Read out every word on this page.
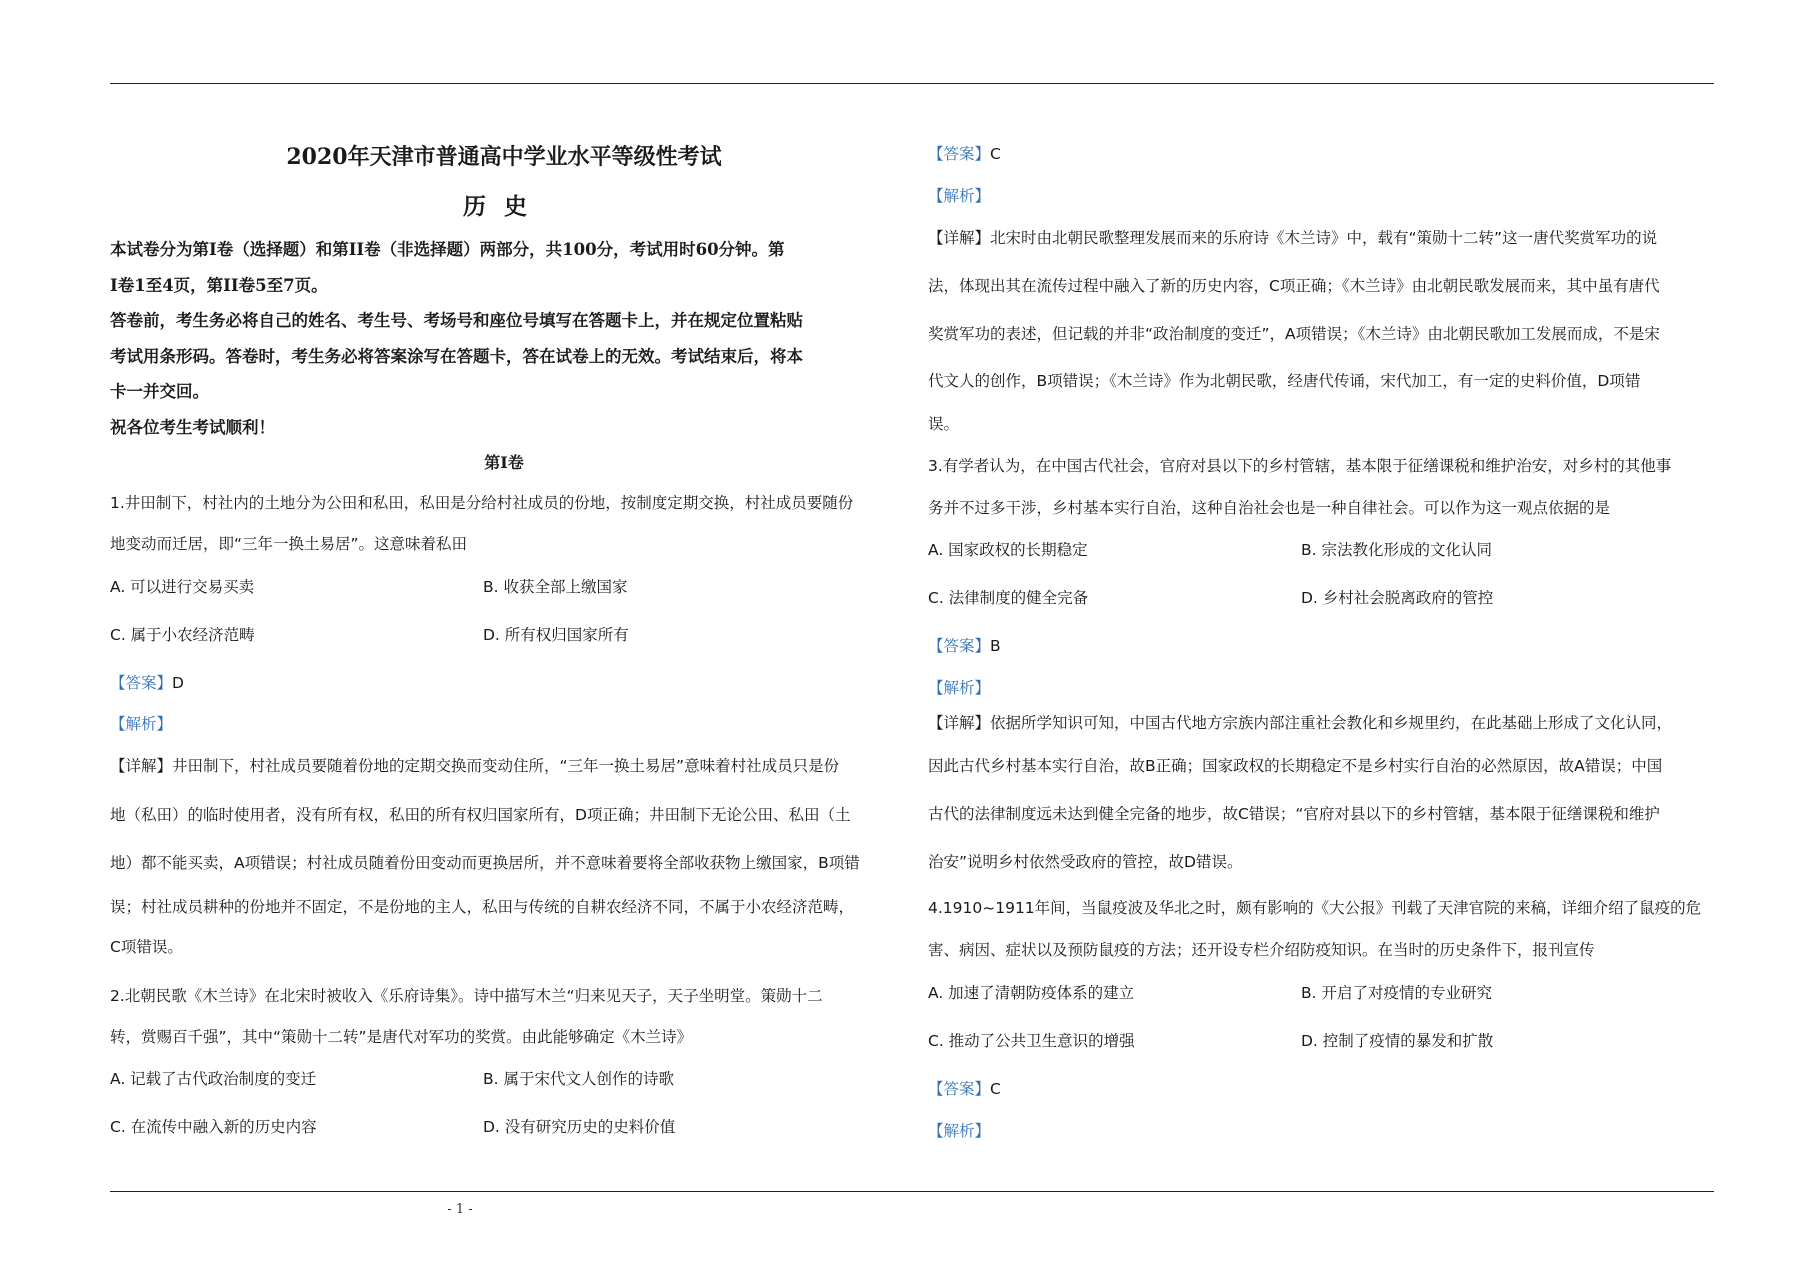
2020年天津市普通高中学业水平等级性考试
历史
本试卷分为第Ⅰ卷（选择题）和第II卷（非选择题）两部分，共100分，考试用时60分钟。第
Ⅰ卷1至4页，第II卷5至7页。
答卷前，考生务必将自己的姓名、考生号、考场号和座位号填写在答题卡上，并在规定位置粘贴
考试用条形码。答卷时，考生务必将答案涂写在答题卡，答在试卷上的无效。考试结束后，将本
卡一并交回。
祝各位考生考试顺利！
第Ⅰ卷
1.井田制下，村社内的土地分为公田和私田，私田是分给村社成员的份地，按制度定期交换，村社成员要随份
地变动而迁居，即“三年一换土易居”。这意味着私田
A. 可以进行交易买卖	B. 收获全部上缴国家
C. 属于小农经济范畴	D. 所有权归国家所有
【答案】D
【解析】
【详解】井田制下，村社成员要随着份地的定期交换而变动住所，“三年一换土易居”意味着村社成员只是份
地（私田）的临时使用者，没有所有权，私田的所有权归国家所有，D项正确；井田制下无论公田、私田（土
地）都不能买卖，A项错误；村社成员随着份田变动而更换居所，并不意味着要将全部收获物上缴国家，B项错
误；村社成员耕种的份地并不固定，不是份地的主人，私田与传统的自耕农经济不同，不属于小农经济范畴，
C项错误。
2.北朝民歌《木兰诗》在北宋时被收入《乐府诗集》。诗中描写木兰“归来见天子，天子坐明堂。策勋十二
转，赏赐百千强”，其中“策勋十二转”是唐代对军功的奖赏。由此能够确定《木兰诗》
A. 记载了古代政治制度的变迁	B. 属于宋代文人创作的诗歌
C. 在流传中融入新的历史内容	D. 没有研究历史的史料价值
【答案】C
【解析】
【详解】北宋时由北朝民歌整理发展而来的乐府诗《木兰诗》中，载有“策勋十二转”这一唐代奖赏军功的说
法，体现出其在流传过程中融入了新的历史内容，C项正确；《木兰诗》由北朝民歌发展而来，其中虽有唐代
奖赏军功的表述，但记载的并非“政治制度的变迁”，A项错误；《木兰诗》由北朝民歌加工发展而成，不是宋
代文人的创作，B项错误；《木兰诗》作为北朝民歌，经唐代传诵，宋代加工，有一定的史料价值，D项错
误。
3.有学者认为，在中国古代社会，官府对县以下的乡村管辖，基本限于征缮课税和维护治安，对乡村的其他事
务并不过多干涉，乡村基本实行自治，这种自治社会也是一种自律社会。可以作为这一观点依据的是
A. 国家政权的长期稳定	B. 宗法教化形成的文化认同
C. 法律制度的健全完备	D. 乡村社会脱离政府的管控
【答案】B
【解析】
【详解】依据所学知识可知，中国古代地方宗族内部注重社会教化和乡规里约，在此基础上形成了文化认同，
因此古代乡村基本实行自治，故B正确；国家政权的长期稳定不是乡村实行自治的必然原因，故A错误；中国
古代的法律制度远未达到健全完备的地步，故C错误；“官府对县以下的乡村管辖，基本限于征缮课税和维护
治安”说明乡村依然受政府的管控，故D错误。
4.1910~1911年间，当鼠疫波及华北之时，颇有影响的《大公报》刊载了天津官院的来稿，详细介绍了鼠疫的危
害、病因、症状以及预防鼠疫的方法；还开设专栏介绍防疫知识。在当时的历史条件下，报刊宣传
A. 加速了清朝防疫体系的建立	B. 开启了对疫情的专业研究
C. 推动了公共卫生意识的增强	D. 控制了疫情的暴发和扩散
【答案】C
【解析】
- 1 -
